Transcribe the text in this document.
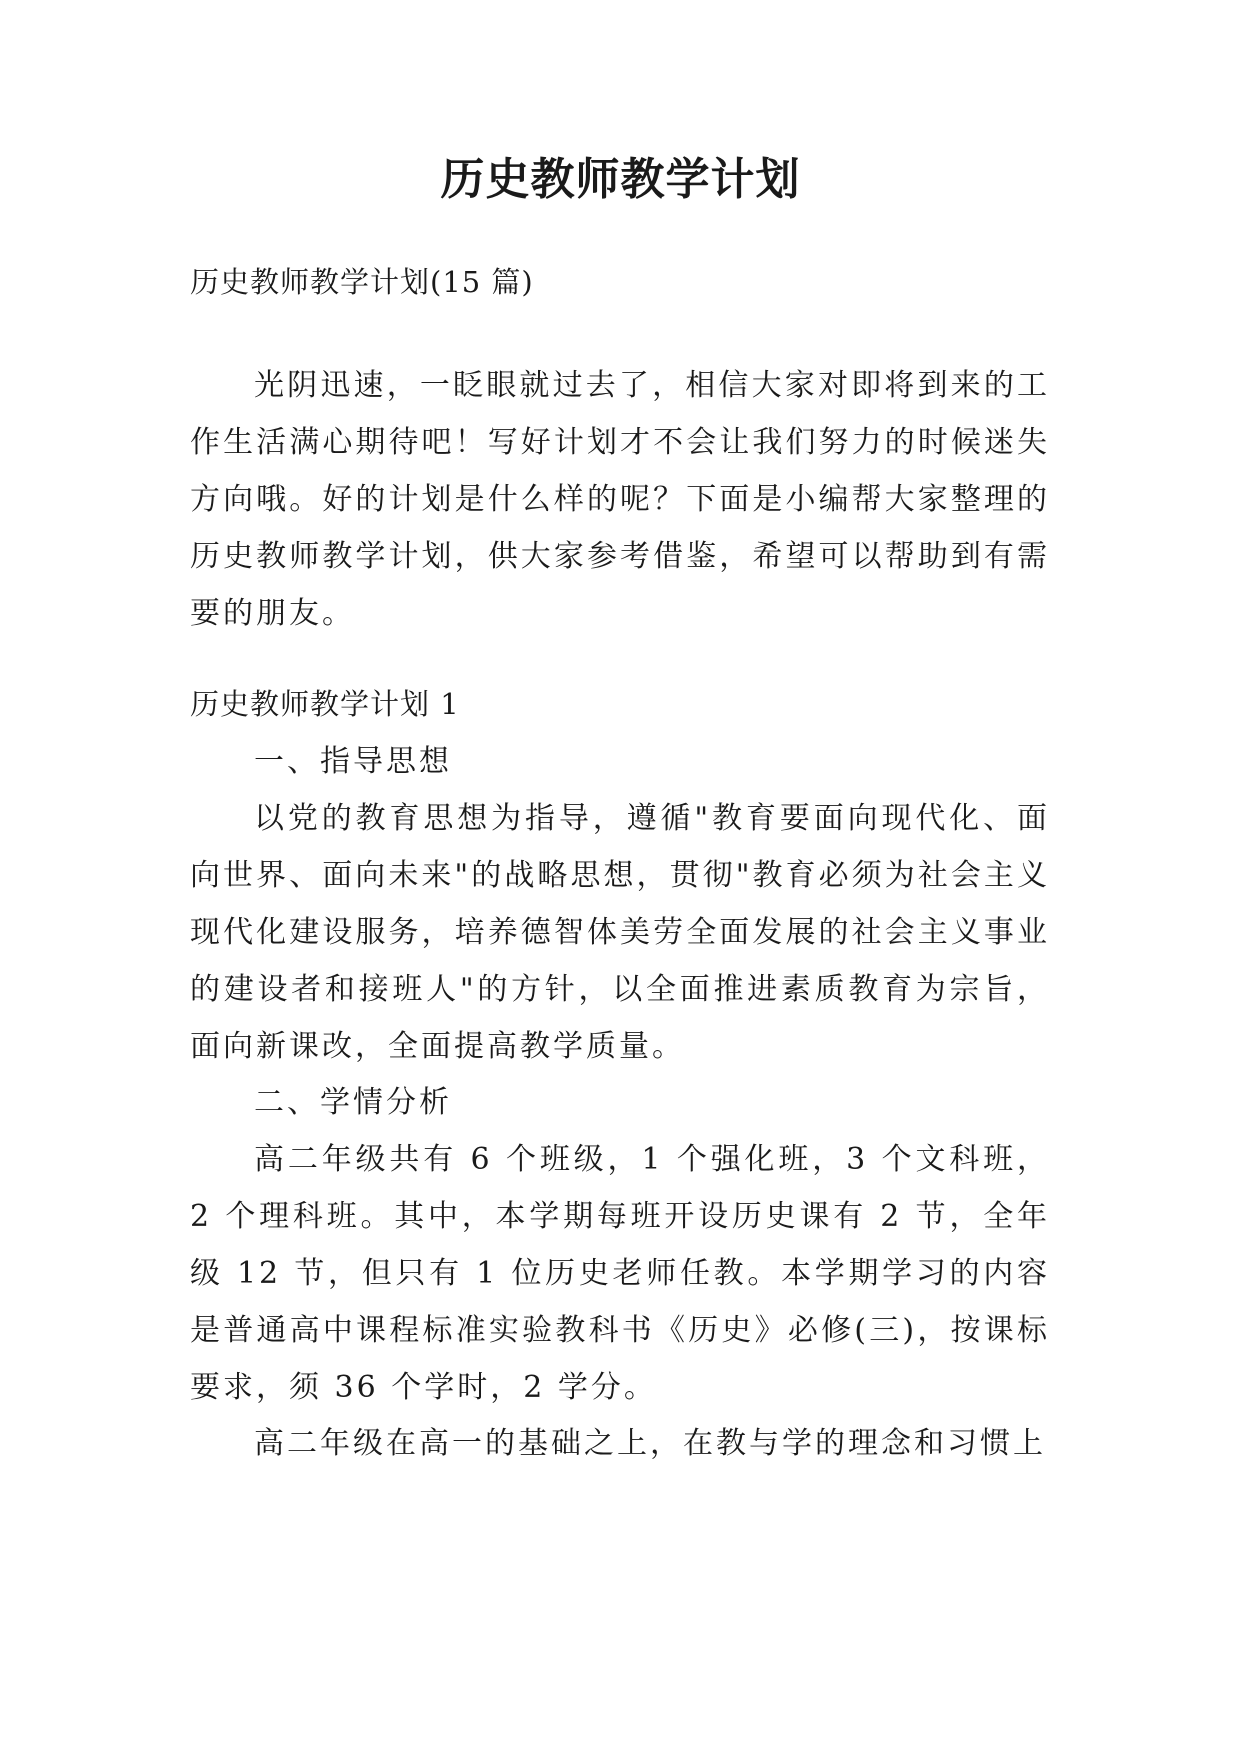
历史教师教学计划

历史教师教学计划(15 篇)

光阴迅速，一眨眼就过去了，相信大家对即将到来的工作生活满心期待吧！写好计划才不会让我们努力的时候迷失方向哦。好的计划是什么样的呢？下面是小编帮大家整理的历史教师教学计划，供大家参考借鉴，希望可以帮助到有需要的朋友。

历史教师教学计划 1

一、指导思想

以党的教育思想为指导，遵循"教育要面向现代化、面向世界、面向未来"的战略思想，贯彻"教育必须为社会主义现代化建设服务，培养德智体美劳全面发展的社会主义事业的建设者和接班人"的方针，以全面推进素质教育为宗旨，面向新课改，全面提高教学质量。

二、学情分析

高二年级共有 6 个班级，1 个强化班，3 个文科班，2 个理科班。其中，本学期每班开设历史课有 2 节，全年级 12 节，但只有 1 位历史老师任教。本学期学习的内容是普通高中课程标准实验教科书《历史》必修(三)，按课标要求，须 36 个学时，2 学分。

高二年级在高一的基础之上，在教与学的理念和习惯上
